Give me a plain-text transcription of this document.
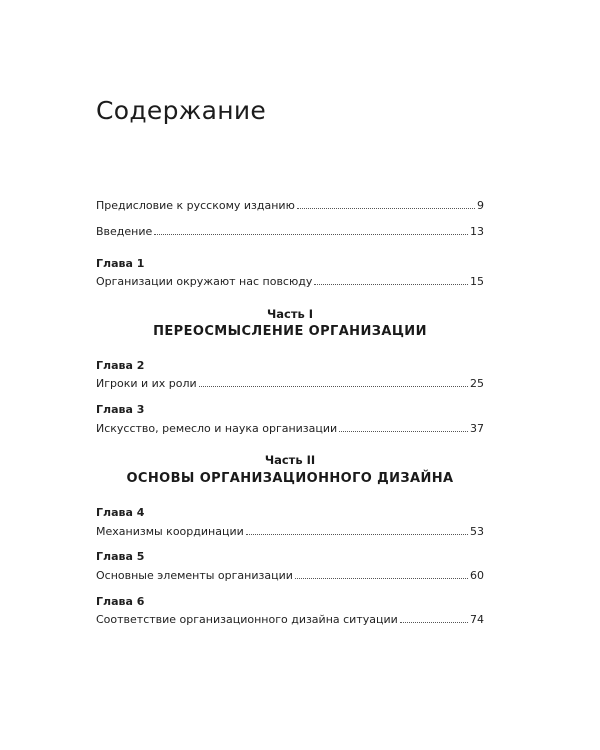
Содержание
Предисловие к русскому изданию	9
Введение	13

Глава 1

Организации окружают нас повсюду	15

Часть I

ПЕРЕОСМЫСЛЕНИЕ ОРГАНИЗАЦИИ

Глава 2

Игроки и их роли	25

Глава 3

Искусство, ремесло и наука организации	37

Часть II

ОСНОВЫ ОРГАНИЗАЦИОННОГО ДИЗАЙНА

Глава 4

Механизмы координации	53

Глава 5

Основные элементы организации	60

Глава 6

Соответствие организационного дизайна ситуации	74
